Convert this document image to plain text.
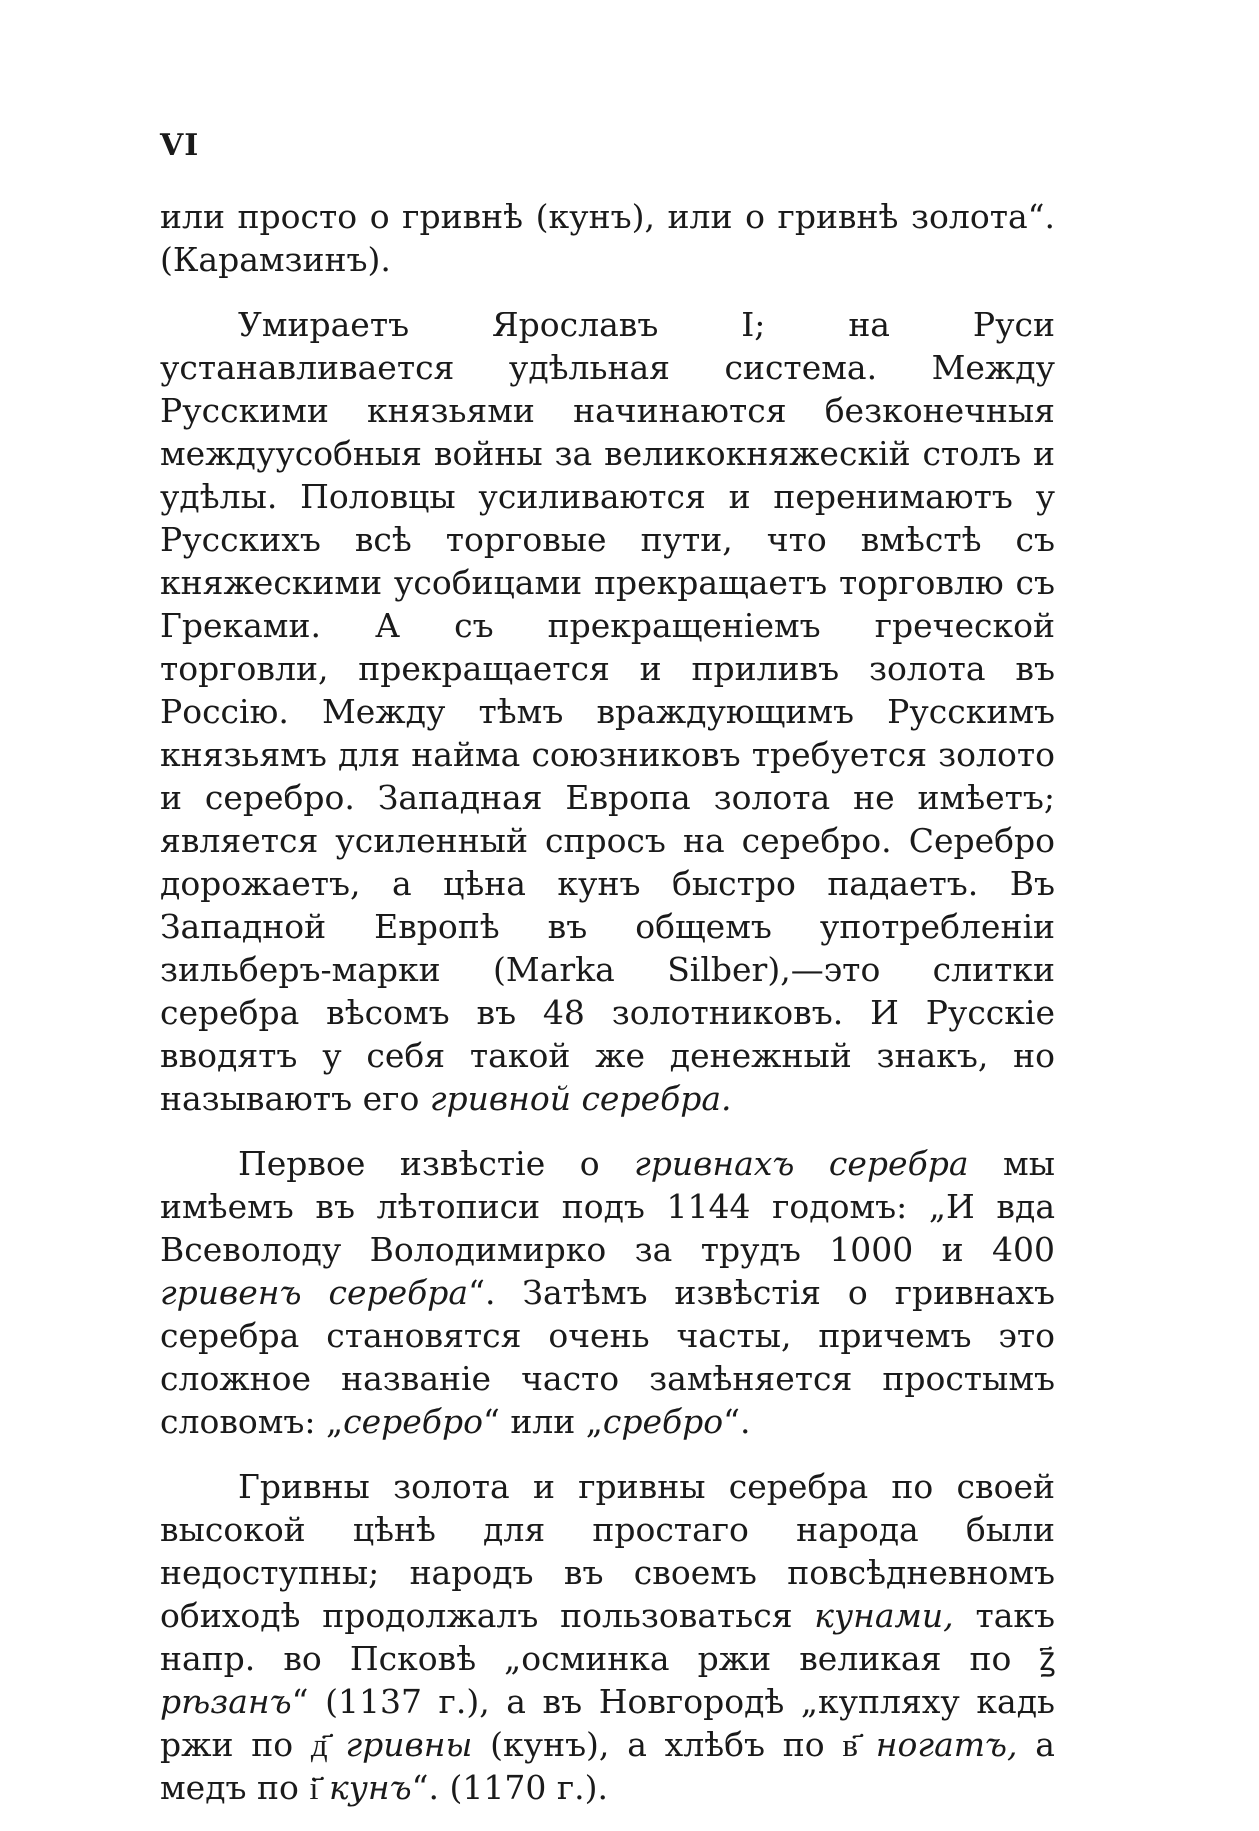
VI

или просто о гривнѣ (кунъ), или о гривнѣ золота“. (Карамзинъ).

Умираетъ Ярославъ I; на Руси устанавливается удѣльная система. Между Русскими князьями начинаются безконечныя междуусобныя войны за великокняжескій столъ и удѣлы. Половцы усиливаются и перенимаютъ у Русскихъ всѣ торговые пути, что вмѣстѣ съ княжескими усобицами прекращаетъ торговлю съ Греками. А съ прекращеніемъ греческой торговли, прекращается и приливъ золота въ Россію. Между тѣмъ враждующимъ Русскимъ князьямъ для найма союзниковъ требуется золото и серебро. Западная Европа золота не имѣетъ; является усиленный спросъ на серебро. Серебро дорожаетъ, а цѣна кунъ быстро падаетъ. Въ Западной Европѣ въ общемъ употребленіи зильберъ-марки (Marka Silber),—это слитки серебра вѣсомъ въ 48 золотниковъ. И Русскіе вводятъ у себя такой же денежный знакъ, но называютъ его гривной серебра.

Первое извѣстіе о гривнахъ серебра мы имѣемъ въ лѣтописи подъ 1144 годомъ: „И вда Всеволоду Володимирко за трудъ 1000 и 400 гривенъ серебра“. Затѣмъ извѣстія о гривнахъ серебра становятся очень часты, причемъ это сложное названіе часто замѣняется простымъ словомъ: „серебро“ или „сребро“.

Гривны золота и гривны серебра по своей высокой цѣнѣ для простаго народа были недоступны; народъ въ своемъ повсѣдневномъ обиходѣ продолжалъ пользоваться кунами, такъ напр. во Псковѣ „осминка ржи великая по ꙁ҃ рѣзанъ“ (1137 г.), а въ Новгородѣ „купляху кадь ржи по д҃ гривны (кунъ), а хлѣбъ по в҃ ногатъ, а медъ по і҃ кунъ“. (1170 г.).
